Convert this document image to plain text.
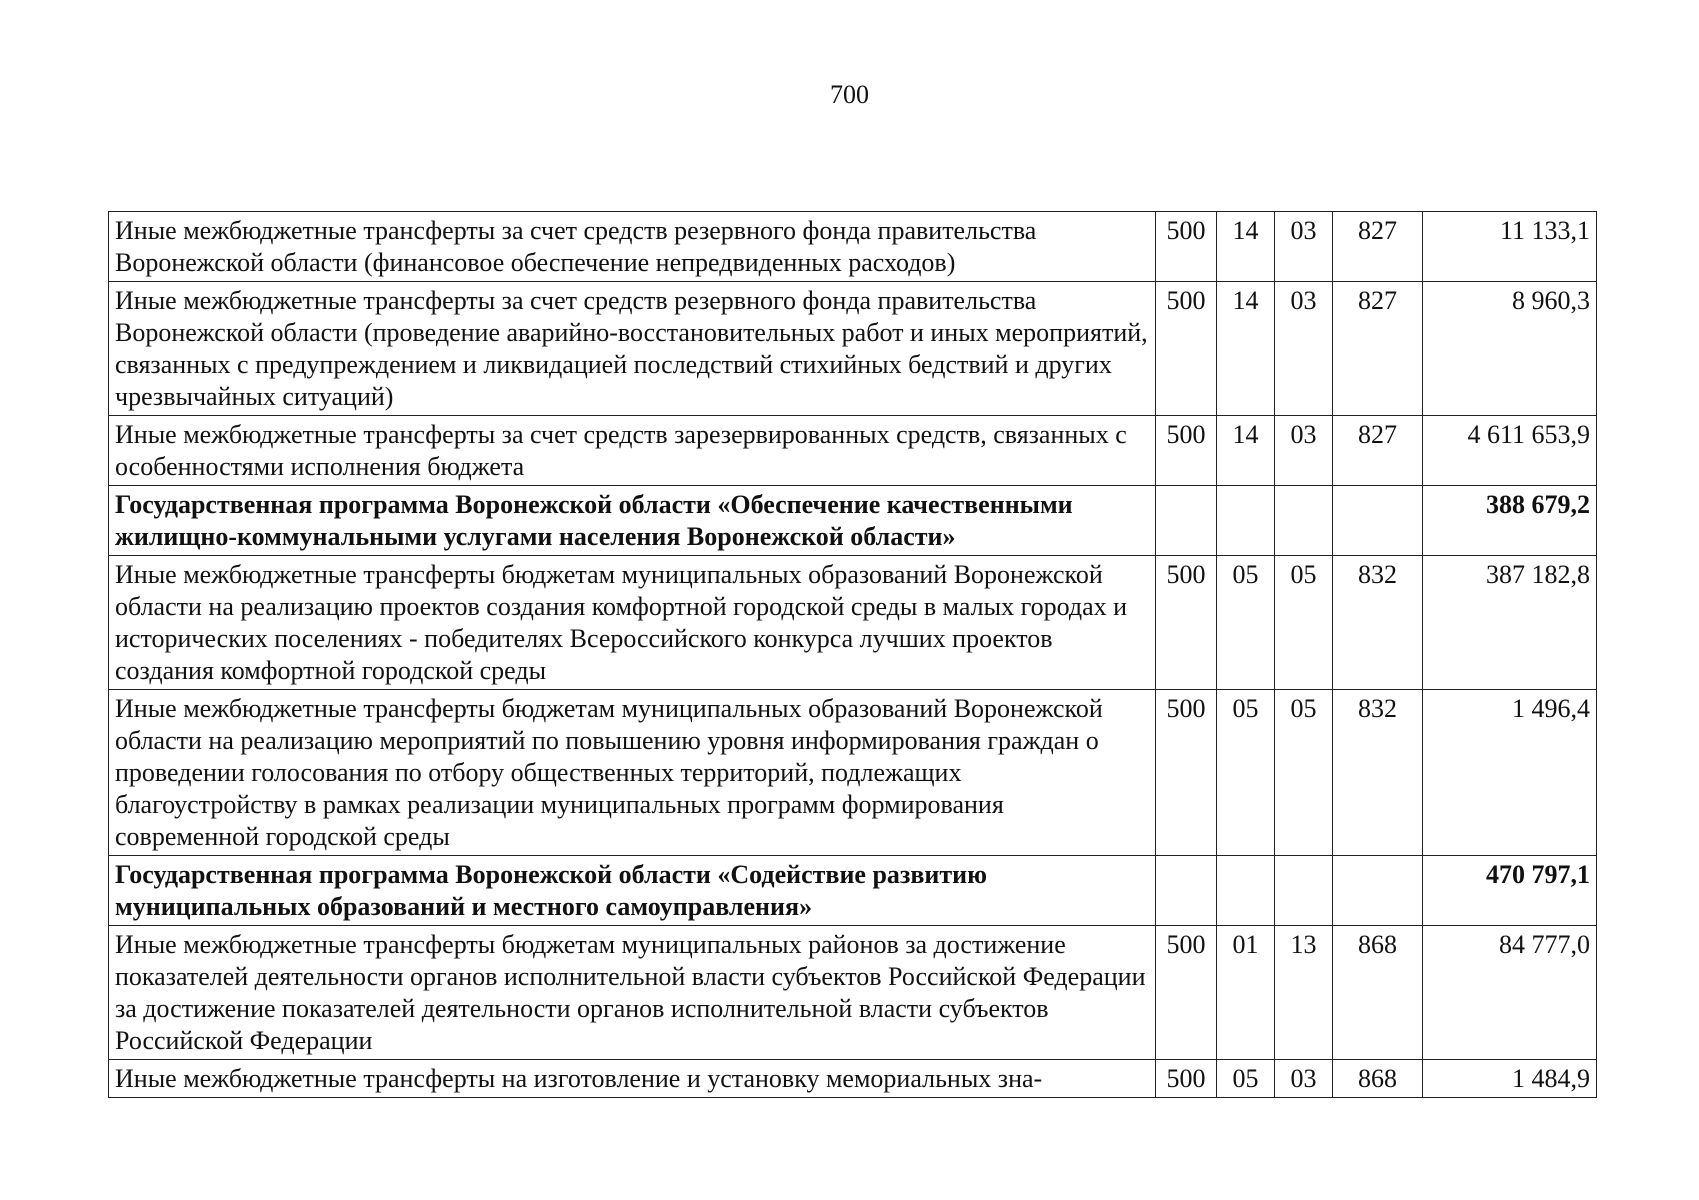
700
Иные межбюджетные трансферты за счет средств резервного фонда правительства Воронежской области (финансовое обеспечение непредвиденных расходов)	500	14	03	827	11 133,1
Иные межбюджетные трансферты за счет средств резервного фонда правительства Воронежской области (проведение аварийно-восстановительных работ и иных мероприятий, связанных с предупреждением и ликвидацией последствий стихийных бедствий и других чрезвычайных ситуаций)	500	14	03	827	8 960,3
Иные межбюджетные трансферты за счет средств зарезервированных средств, связанных с особенностями исполнения бюджета	500	14	03	827	4 611 653,9
Государственная программа Воронежской области «Обеспечение качественными жилищно-коммунальными услугами населения Воронежской области»					388 679,2
Иные межбюджетные трансферты бюджетам муниципальных образований Воронежской области на реализацию проектов создания комфортной городской среды в малых городах и исторических поселениях - победителях Всероссийского конкурса лучших проектов создания комфортной городской среды	500	05	05	832	387 182,8
Иные межбюджетные трансферты бюджетам муниципальных образований Воронежской области на реализацию мероприятий по повышению уровня информирования граждан о проведении голосования по отбору общественных территорий, подлежащих благоустройству в рамках реализации муниципальных программ формирования современной городской среды	500	05	05	832	1 496,4
Государственная программа Воронежской области «Содействие развитию муниципальных образований и местного самоуправления»					470 797,1
Иные межбюджетные трансферты бюджетам муниципальных районов за достижение показателей деятельности органов исполнительной власти субъектов Российской Федерации за достижение показателей деятельности органов исполнительной власти субъектов Российской Федерации	500	01	13	868	84 777,0
Иные межбюджетные трансферты на изготовление и установку мемориальных зна-	500	05	03	868	1 484,9
